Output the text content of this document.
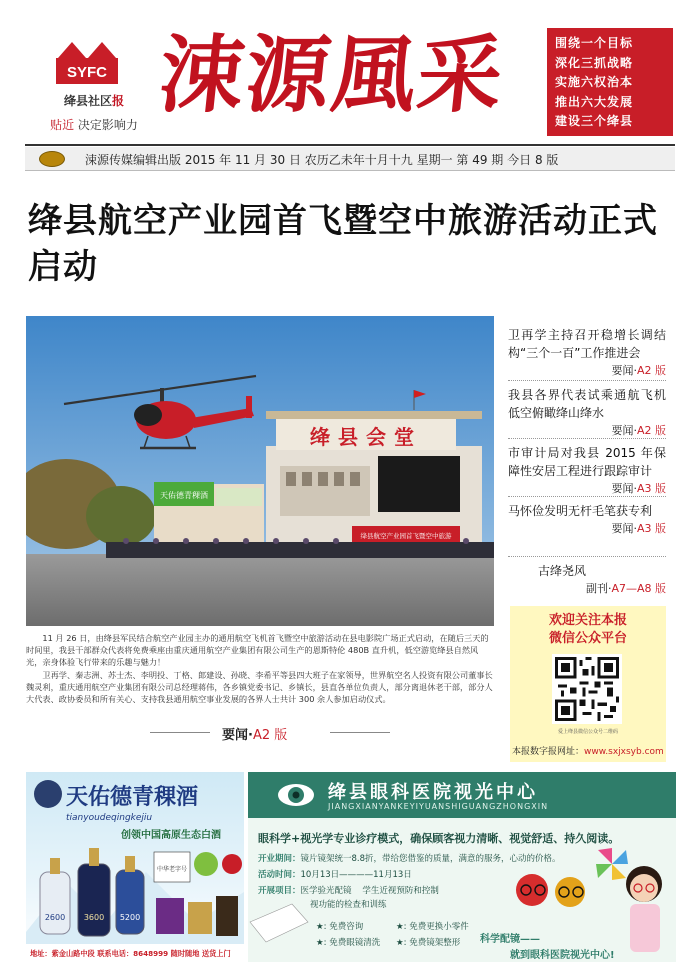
SYFC
绛县社区报
贴近 决定影响力
涑源風采	围绕一个目标
深化三抓战略
实施六权治本
推出六大发展
建设三个绛县
涑源传媒编辑出版 2015 年 11 月 30 日 农历乙未年十月十九 星期一 第 49 期 今日 8 版
绛县航空产业园首飞暨空中旅游活动正式启动
天佑德青稞酒
绛县会堂
绛县航空产业园首飞暨空中旅游

11 月 26 日，由绛县军民结合航空产业园主办的通用航空飞机首飞暨空中旅游活动在县电影院广场正式启动，在随后三天的时间里，我县干部群众代表将免费乘座由重庆通用航空产业集团有限公司生产的恩斯特伦 480B 直升机，低空游览绛县自然风光，亲身体验飞行带来的乐趣与魅力！

卫再学、秦志洲、苏士杰、李明投、丁格、郎建设、孙晓、李希平等县四大班子在家领导，世界航空名人投资有限公司董事长魏灵利，重庆通用航空产业集团有限公司总经理蒋伟，各乡镇党委书记、乡镇长，县直各单位负责人，部分离退休老干部，部分人大代表、政协委员和所有关心、支持我县通用航空事业发展的各界人士共计 300 余人参加启动仪式。

要闻·A2 版
卫再学主持召开稳增长调结构“三个一百”工作推进会
要闻·A2 版
我县各界代表试乘通航飞机 低空俯瞰绛山绛水
要闻·A2 版
市审计局对我县 2015 年保障性安居工程进行跟踪审计
要闻·A3 版
马怀俭发明无杆毛笔获专利
要闻·A3 版
古绛尧风
副刊·A7—A8 版
欢迎关注本报
微信公众平台
爱上绛县微信公众号二维码
本报数字报网址：www.sxjxsyb.com
天佑德青稞酒
tianyoudeqingkejiu
创领中国高原生态白酒
2600 3600 5200
中华老字号
地址：紫金山路中段 联系电话：8648999 随时随地 送货上门
绛县眼科医院视光中心
JIANGXIANYANKEYIYUANSHIGUANGZHONGXIN
眼科学+视光学专业诊疗模式，确保顾客视力清晰、视觉舒适、持久阅读。
开业期间：镜片镜架统一8.8折，带给您借鉴的质量，满意的服务，心动的价格。
活动时间：10月13日————11月13日
开展项目：医学验光配镜 学生近视预防和控制
视功能的检查和训练
★: 免费咨询
★: 免费眼镜清洗
★: 免费更换小零件
★: 免费镜架整形 科学配镜——
就到眼科医院视光中心!
